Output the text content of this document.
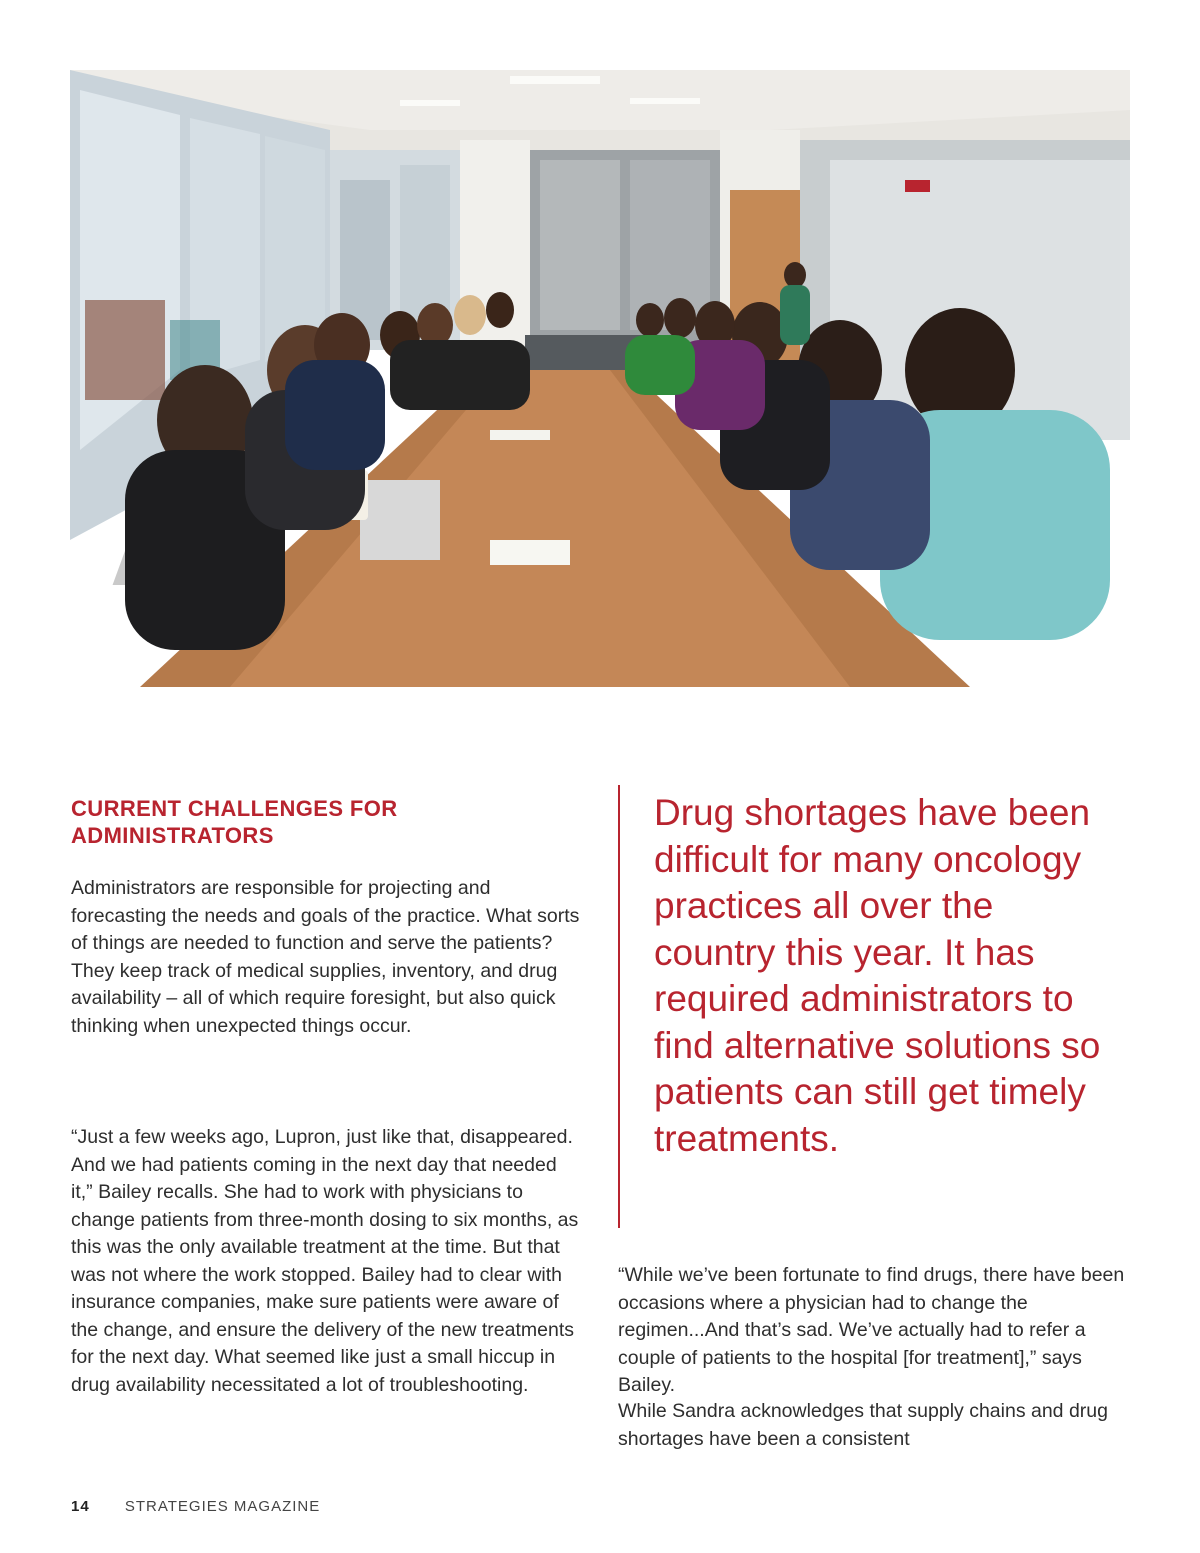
CURRENT CHALLENGES FOR ADMINISTRATORS

Administrators are responsible for projecting and forecasting the needs and goals of the practice. What sorts of things are needed to function and serve the patients? They keep track of medical supplies, inventory, and drug availability – all of which require foresight, but also quick thinking when unexpected things occur.

“Just a few weeks ago, Lupron, just like that, disappeared. And we had patients coming in the next day that needed it,” Bailey recalls. She had to work with physicians to change patients from three-month dosing to six months, as this was the only available treatment at the time. But that was not where the work stopped. Bailey had to clear with insurance companies, make sure patients were aware of the change, and ensure the delivery of the new treatments for the next day. What seemed like just a small hiccup in drug availability necessitated a lot of troubleshooting.

Drug shortages have been difficult for many oncology practices all over the country this year. It has required administrators to find alternative solutions so patients can still get timely treatments.

“While we’ve been fortunate to find drugs, there have been occasions where a physician had to change the regimen...And that’s sad. We’ve actually had to refer a couple of patients to the hospital [for treatment],” says Bailey.

While Sandra acknowledges that supply chains and drug shortages have been a consistent

14 STRATEGIES MAGAZINE
